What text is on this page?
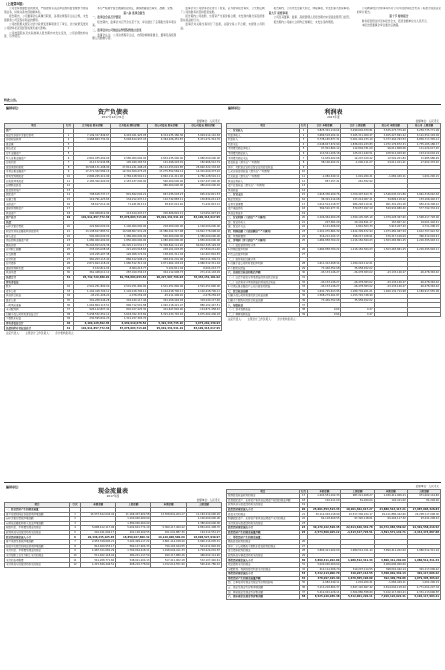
（上接第5版）

公司坚持稳健经营的原则，严格按照有关法律法规和监管要求开展各项业务，持续完善内部控制体系。

报告期内，公司董事会认真履行职责，各项决策程序合法合规，未发现损害公司及股东利益的情形。

公司按照相关规定对会计政策变更事项进行了审议，会计政策变更对公司财务状况及经营成果无重大影响。

公司控股股东及实际控制人报告期内未发生变化，公司治理结构完善，运作规范。

本行严格遵守信息披露相关规定，确保披露信息真实、准确、完整。

第八条 监事会报告

一、监事会会议召开情况

报告期内，监事会共召开会议若干次，审议通过了定期报告等多项议案。

二、监事会对公司依法运作情况的独立意见

监事会认为，公司决策程序合法，内部控制制度健全，董事及高级管理人员勤勉尽责。

监事会对公司财务状况进行了检查，认为财务报告真实、公允地反映了公司的财务状况和经营成果。

报告期内公司收购、出售资产交易价格合理，未发现内幕交易及损害股东权益的行为。

监事会对关联交易进行了监督，关联交易公平合理，未损害公司利益。

报告期内，公司未发生重大诉讼、仲裁事项，未发生重大担保事项。

第九节 重要事项

公司及其董事、监事、高级管理人员报告期内未受到监管部门处罚。

报告期内公司重大合同均正常履行，未发生违约情况。

公司聘请的会计师事务所对公司年度财务报告出具了标准无保留意见的审计报告。

第十节 财务报告

财务报表附注详见本报告全文，报表金额单位为人民币元。

本报告经董事会审议通过后披露。

特此公告。
编制单位：
资产负债表
2017年12月31日
金额单位：人民币元
项目	行次	合并报表 期末余额	合并报表 期初余额	母公司报表 期末余额	母公司报表 期初余额
资产：					
现金及存放中央银行款项	1	7,149,317,849.67	6,493,021,925.05	6,314,235,180.36	5,904,214,110.63
存放同业款项	2	4,968,603,732.91	5,048,614,937.43	4,364,226,451.87	5,471,271,314.70
贵金属	3				
拆出资金	4				
衍生金融资产	5				
买入返售金融资产	6	2,891,035,000.00	2,580,000,000.00	2,834,235,000.00	1,980,000,000.00
应收利息	7	214,172,944.88	195,049,183.53	191,498,403.91	182,966,512.79
发放贷款和垫款	8	30,598,131,498.90	27,814,221,498.24	28,112,453,022.85	25,640,322,133.63
可供出售金融资产	9	17,271,322,584.14	12,301,509,473.22	17,275,552,584.14	12,301,009,473.22
持有至到期投资	10	2,896,225,211.90	2,784,128,501.11	2,892,111,211.90	2,780,128,501.11
应收款项类投资	11	2,185,300,000.00	2,187,437,000.00	590,000,000.00	2,007,447,000.00
长期股权投资	12			480,000,000.00	480,000,000.00
投资性房地产	13				
固定资产	14	708,618,737.17	801,822,002.21	667,035,018.23	695,442,811.53
在建工程	15	116,791,423.65	134,212,437.11	110,742,883.11	130,834,011.23
无形资产	16	58,617,012.40	71,441,813.12	58,617,012.40	71,441,813.12
递延所得税资产	17				
其他资产	18	200,908,812.94	113,414,447.17	200,606,822.11	113,051,927.91
资产总计	19	101,911,857,772.36	87,678,003,713.06	95,619,431,541.19	83,109,413,617.95
负债：					
向中央银行借款	20	222,600,000.00	1,100,000,000.00	218,000,000.00	1,100,000,000.00
同业及其他金融机构存放款项	21	13,138,817,883.51	10,598,807,931.26	13,386,022,327.68	10,822,776,098.92
拆入资金	22	500,000,000.00	1,380,000,000.00	500,000,000.00	1,380,000,000.00
卖出回购金融资产款	23	1,080,000,000.00	1,850,000,000.00	1,080,000,000.00	1,850,000,000.00
吸收存款	24	76,204,813,020.36	64,320,114,531.17	71,308,842,114.20	60,822,345,129.03
应付职工薪酬	25	233,915,008.95	221,204,518.63	228,101,003.95	217,840,211.40
应交税费	26	143,225,407.38	126,008,174.91	138,201,311.04	122,407,801.55
应付利息	27	981,203,115.40	866,412,908.21	948,011,201.06	840,011,309.74
应付债券	28	2,871,604,118.24	1,980,512,311.44	2,871,604,118.24	1,980,512,311.44
递延所得税负债	29	5,102,811.04	8,004,213.77	5,102,811.04	8,004,213.77
其他负债	30	361,448,011.12	287,019,334.15	344,112,908.73	271,214,118.09
负债合计	31	95,742,729,380.01	82,738,084,034.54	90,227,997,796.03	78,434,151,181.02
所有者权益：					
股本	32	2,501,251,890.00	2,501,251,890.00	2,501,251,890.00	2,501,251,890.00
资本公积	33	1,102,418,700.11	1,102,418,700.11	1,102,418,700.11	1,102,418,700.11
其他综合收益	34	-45,211,406.20	-2,078,259.93	-45,211,406.20	-2,078,259.93
盈余公积	35	391,208,446.28	318,440,117.46	391,208,446.28	318,440,117.46
一般风险准备	36	1,062,804,113.51	896,712,501.88	1,040,118,221.07	880,102,447.51
未分配利润	37	926,112,807.42	802,017,425.30	401,647,892.90	-124,871,458.22
归属于母公司所有者权益合计	38	5,938,532,551.12	5,618,762,374.82	5,391,433,745.16	4,675,262,436.93
少数股东权益	39	230,595,841.23	1,321,157,303.70		
所有者权益合计	40	6,169,128,392.35	6,939,919,678.52	5,391,433,745.16	4,675,262,436.93
负债和所有者权益总计	41	101,911,857,772.36	87,678,003,713.06	95,619,431,541.19	83,109,413,617.95
法定代表人：　　主管会计工作负责人：　　会计机构负责人：
编制单位：
利润表
2017年度
金额单位：人民币元
项目	行次	合并 本期金额	合并 上期金额	母公司 本期金额	母公司 上期金额
一、营业收入	1	3,825,301,119.04	3,299,602,979.81	3,525,273,379.40	3,259,735,771.09
利息净收入	2	3,689,518,204.41	3,165,311,009.27	3,405,227,891.22	3,101,552,118.94
利息收入	3	5,738,165,877.31	5,001,402,233.10	5,377,404,763.53	4,836,717,305.11
利息支出	4	2,048,647,672.90	1,836,091,223.83	1,972,176,872.31	1,735,165,186.17
手续费及佣金净收入	5	97,901,804.12	112,804,331.09	96,011,808.06	111,224,017.20
手续费及佣金收入	6	110,541,206.18	125,011,440.51	108,514,009.90	123,210,004.19
手续费及佣金支出	7	12,639,402.06	12,207,109.42	12,502,201.84	11,985,986.99
投资收益（损失以“-”号填列）	8	38,106,402.21	-1,000,111.07	24,011,911.21	-17,002,333.20
其中：对联营企业和合营企业的投资收益	9				
公允价值变动收益（损失以“-”号填列）	10				
汇兑收益（损失以“-”号填列）	11	-1,082,449.11	1,001,200.21	-1,082,449.11	1,001,200.21
其他业务收入	12	857,157.41	261,552.92		
资产处置收益（损失以“-”号填列）	13				
其他收益	14				
二、营业支出	15	1,618,336,209.76	1,700,497,614.71	1,546,045,011.80	1,661,318,042.63
税金及附加	16	36,301,114.08	137,214,007.11	34,809,118.22	133,106,402.17
业务及管理费	17	1,012,514,118.37	984,226,110.41	961,301,204.18	950,419,308.22
资产减值损失	18	569,520,977.31	579,057,497.19	549,934,689.40	577,792,332.24
其他业务成本	19				
三、营业利润（亏损以“-”号填列）	20	2,206,964,909.28	1,599,105,365.10	1,979,228,367.60	1,598,417,728.46
加：营业外收入	21	207,361.20	20,104,811.17	167,807.12	19,001,402.21
减：营业外支出	22	6,101,406.09	4,810,503.33	5,913,207.43	4,711,208.15
四、利润总额（亏损总额以“-”号填列）	23	2,201,070,864.39	1,614,399,672.94	1,973,482,967.29	1,612,707,922.52
减：所得税费用	24	516,212,104.17	398,217,108.91	470,217,106.04	396,312,004.41
五、净利润（净亏损以“-”号填列）	25	1,684,858,760.22	1,216,182,564.03	1,503,265,861.25	1,216,395,918.11
（一）按经营持续性分类					
1.持续经营净利润	26	1,684,858,760.22	1,216,182,564.03	1,503,265,861.25	1,216,395,918.11
2.终止经营净利润	27				
（二）按所有权归属分类					
1.归属于母公司所有者的净利润	28	1,611,412,408.14	1,180,224,112.01		
2.少数股东损益	29	73,446,352.08	35,958,452.02		
六、其他综合收益的税后净额	30	-43,133,146.27	-26,478,363.02	-43,133,146.27	-26,478,363.02
（一）以后不能重分类进损益的其他综合收益	31				
（二）以后将重分类进损益的其他综合收益	32	-43,133,146.27	-26,478,363.02	-43,133,146.27	-26,478,363.02
1.可供出售金融资产公允价值变动损益	33	-43,133,146.27	-26,478,363.02	-43,133,146.27	-26,478,363.02
七、综合收益总额	34	1,641,725,613.95	1,189,704,201.01	1,460,132,714.98	1,189,917,555.09
归属于母公司所有者的综合收益总额	35	1,568,279,261.87	1,153,745,748.99		
归属于少数股东的综合收益总额	36	73,446,352.08	35,958,452.02		
八、每股收益	37				
（一）基本每股收益	38	0.64	0.47		
（二）稀释每股收益	39	0.64	0.47		
法定代表人：　　主管会计工作负责人：　　会计机构负责人：
编制单位：
现金流量表
2017年度
金额单位：人民币元
项目	行次	本期金额	上期金额	本期金额	上期金额
一、经营活动产生的现金流量：					
客户存款和同业存放款项净增加额	1	14,537,612,044.42	11,166,307,622.58	13,558,841,204.17	11,163,214,090.20
向中央银行借款净增加额	2		1,100,000,000.00		1,100,000,000.00
向其他金融机构拆入资金净增加额	3		1,380,000,000.00		1,380,000,000.00
收取利息、手续费及佣金的现金	4	5,698,412,117.06	5,002,601,774.19	5,360,117,409.22	4,861,001,408.70
收到其他与经营活动有关的现金	5	210,221,004.17	201,118,409.55	201,041,887.30	194,312,551.07
经营活动现金流入小计	6	20,446,245,165.65	18,850,027,806.32	19,120,000,500.69	18,698,527,949.97
客户贷款及垫款净增加额	7	2,953,318,000.21	3,102,409,117.22	2,801,114,018.20	2,990,114,005.41
存放中央银行和同业款项净增加额	8	812,409,553.17	560,117,904.33	790,118,024.55	541,011,802.09
支付利息、手续费及佣金的现金	9	1,987,311,081.29	1,760,004,418.11	1,918,004,411.33	1,703,224,001.87
支付给职工以及为职工支付的现金	10	511,402,118.04	480,221,117.50	490,117,880.26	466,002,114.90
支付的各项税费	11	541,208,771.60	548,911,204.13	517,411,902.18	532,107,440.61
支付其他与经营活动有关的现金	12	1,215,846,446.51	608,219,778.69	1,152,014,551.90	590,441,780.02
金额单位：人民币元
项目	行次	本期金额	上期金额	本期金额	上期金额
取得投资收益收到的现金	17	1,201,551,102.33	987,221,408.27	1,180,411,006.21	971,002,119.84
处置固定资产、无形资产和其他长期资产收回的现金净额	18	102,411.00	81,209.00	102,411.00	81,209.00
收到其他与投资活动有关的现金	19				
投资活动现金流入小计	20	25,601,553,513.33	18,201,302,617.27	24,880,513,417.21	17,987,083,328.84
投资支付的现金	21	30,112,004,118.90	22,517,300,224.17	29,411,880,442.60	22,208,117,008.30
购建固定资产、无形资产和其他长期资产支付的现金	22	64,118,409.55	97,320,118.61	60,204,117.32	93,441,208.22
支付其他与投资活动有关的现金	23				
投资活动现金流出小计	24	30,176,122,528.45	22,614,620,342.78	29,472,084,559.92	22,301,558,216.52
投资活动产生的现金流量净额	25	-4,574,569,015.12	-4,413,317,725.51	-4,591,571,142.71	-4,314,474,887.68
三、筹资活动产生的现金流量：					
吸收投资收到的现金	26				
其中：子公司吸收少数股东投资收到的现金	27				
发行债券收到的现金	28	3,890,411,202.00	1,980,512,311.44	3,890,411,202.00	1,980,512,311.44
收到其他与筹资活动有关的现金	29				
筹资活动现金流入小计	30	3,890,411,202.00	1,980,512,311.44	3,890,411,202.00	1,980,512,311.44
偿还债务支付的现金	31	3,000,000,000.00		3,000,000,000.00	
分配股利、利润或偿付利息支付的现金	32	412,114,006.70	310,207,114.55	398,001,442.14	301,117,006.42
筹资活动现金流出小计	33	3,412,114,006.70	310,207,114.55	3,398,001,442.14	301,117,006.42
筹资活动产生的现金流量净额	34	478,297,195.30	1,670,305,196.89	492,409,759.86	1,679,395,305.02
四、汇率变动对现金及现金等价物的影响	35	-1,082,449.11	1,001,200.21	-1,082,449.11	1,001,200.21
五、现金及现金等价物净增加额	36	3,113,218,804.37	2,847,120,667.42	2,814,004,118.20	2,771,004,207.34
加：期初现金及现金等价物余额	37	5,412,001,226.11	2,564,880,558.69	5,102,117,904.21	2,331,113,696.87
六、期末现金及现金等价物余额	38	8,525,220,030.48	5,412,001,226.11	7,916,122,022.41	5,102,117,904.21
